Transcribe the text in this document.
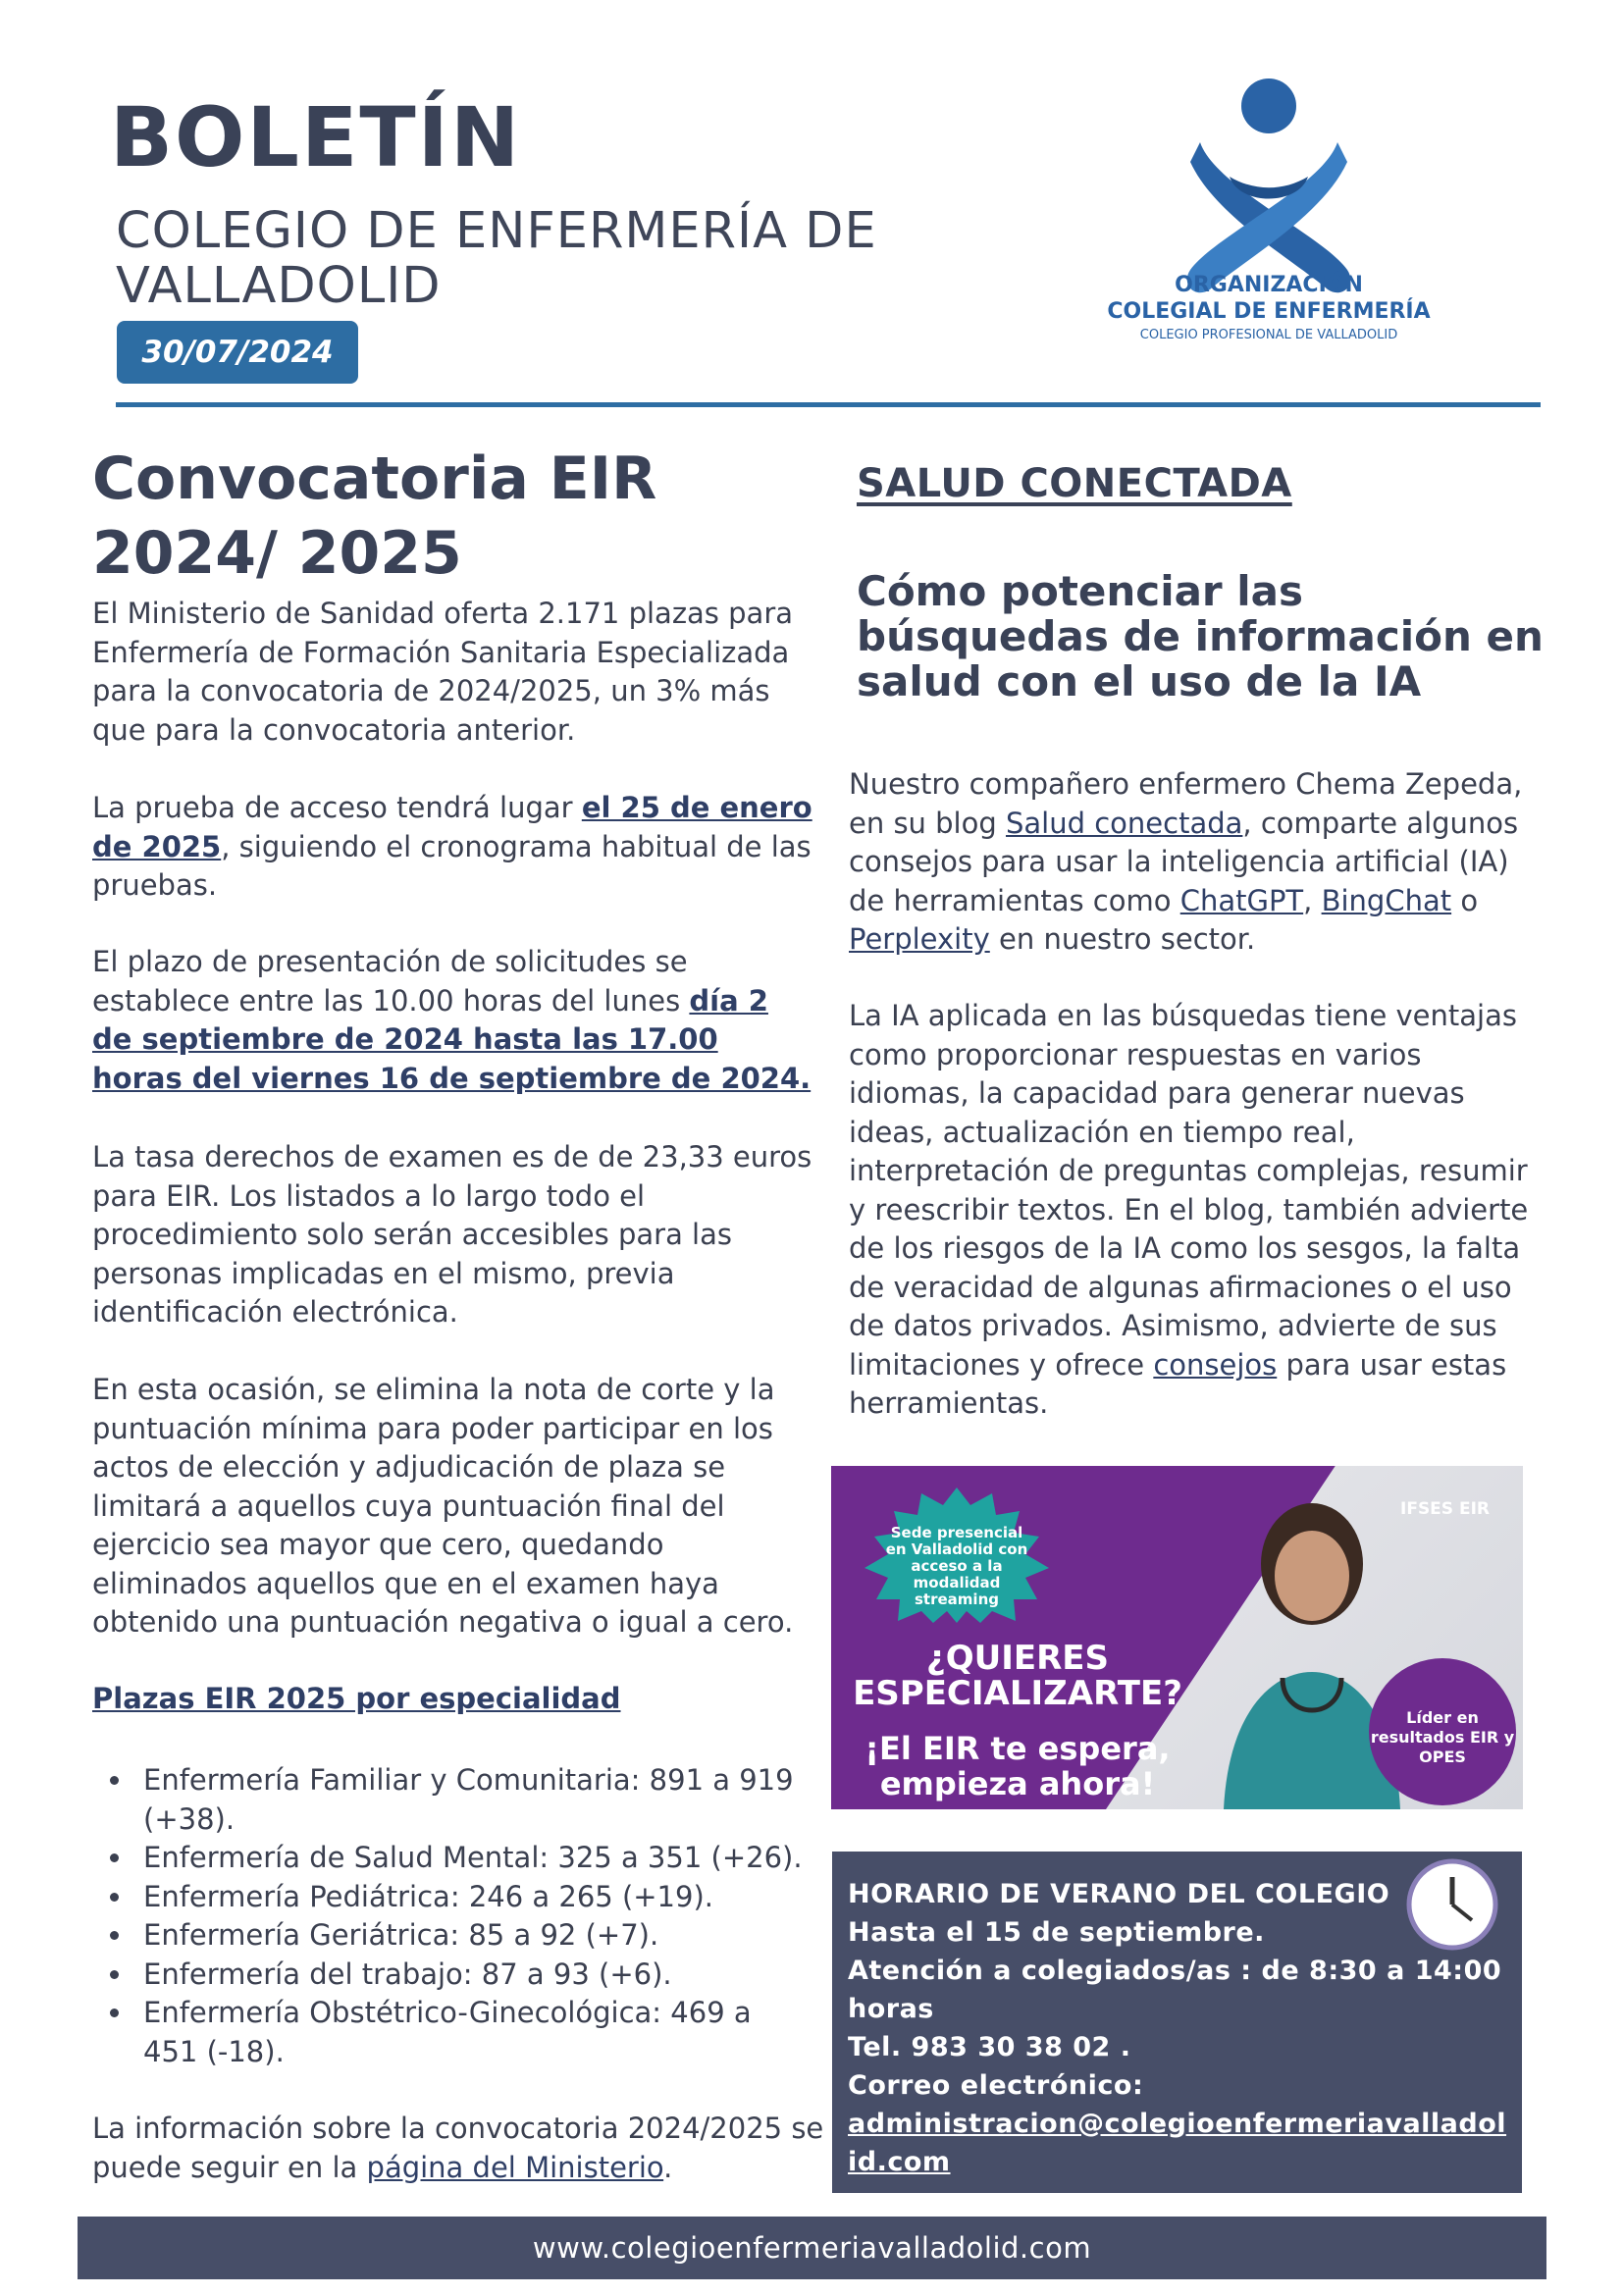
BOLETÍN
COLEGIO DE ENFERMERÍA DE
VALLADOLID
30/07/2024
ORGANIZACIÓN
COLEGIAL DE ENFERMERÍA
COLEGIO PROFESIONAL DE VALLADOLID
Convocatoria EIR
2024/ 2025
El Ministerio de Sanidad oferta 2.171 plazas para Enfermería de Formación Sanitaria Especializada para la convocatoria de 2024/2025, un 3% más que para la convocatoria anterior.
La prueba de acceso tendrá lugar el 25 de enero de 2025, siguiendo el cronograma habitual de las pruebas.
El plazo de presentación de solicitudes se establece entre las 10.00 horas del lunes día 2 de septiembre de 2024 hasta las 17.00 horas del viernes 16 de septiembre de 2024.
La tasa derechos de examen es de de 23,33 euros para EIR. Los listados a lo largo todo el procedimiento solo serán accesibles para las personas implicadas en el mismo, previa identificación electrónica.
En esta ocasión, se elimina la nota de corte y la puntuación mínima para poder participar en los actos de elección y adjudicación de plaza se limitará a aquellos cuya puntuación final del ejercicio sea mayor que cero, quedando eliminados aquellos que en el examen haya obtenido una puntuación negativa o igual a cero.
Plazas EIR 2025 por especialidad
Enfermería Familiar y Comunitaria: 891 a 919 (+38).
Enfermería de Salud Mental: 325 a 351 (+26).
Enfermería Pediátrica: 246 a 265 (+19).
Enfermería Geriátrica: 85 a 92 (+7).
Enfermería del trabajo: 87 a 93 (+6).
Enfermería Obstétrico-Ginecológica: 469 a 451 (-18).
La información sobre la convocatoria 2024/2025 se puede seguir en la página del Ministerio.
SALUD CONECTADA
Cómo potenciar las búsquedas de información en salud con el uso de la IA
Nuestro compañero enfermero Chema Zepeda, en su blog Salud conectada, comparte algunos consejos para usar la inteligencia artificial (IA) de herramientas como ChatGPT, BingChat o Perplexity en nuestro sector.
La IA aplicada en las búsquedas tiene ventajas como proporcionar respuestas en varios idiomas, la capacidad para generar nuevas ideas, actualización en tiempo real, interpretación de preguntas complejas, resumir y reescribir textos. En el blog, también advierte de los riesgos de la IA como los sesgos, la falta de veracidad de algunas afirmaciones o el uso de datos privados. Asimismo, advierte de sus limitaciones y ofrece consejos para usar estas herramientas.
Sede presencial en Valladolid con acceso a la modalidad streaming
¿QUIERES
ESPECIALIZARTE?
¡El EIR te espera,
empieza ahora!
IFSES EIR
Líder en resultados EIR y OPES
HORARIO DE VERANO DEL COLEGIO
Hasta el 15 de septiembre.
Atención a colegiados/as : de 8:30 a 14:00 horas
Tel. 983 30 38 02 .
Correo electrónico:
administracion@colegioenfermeriavalladolid.com
www.colegioenfermeriavalladolid.com
